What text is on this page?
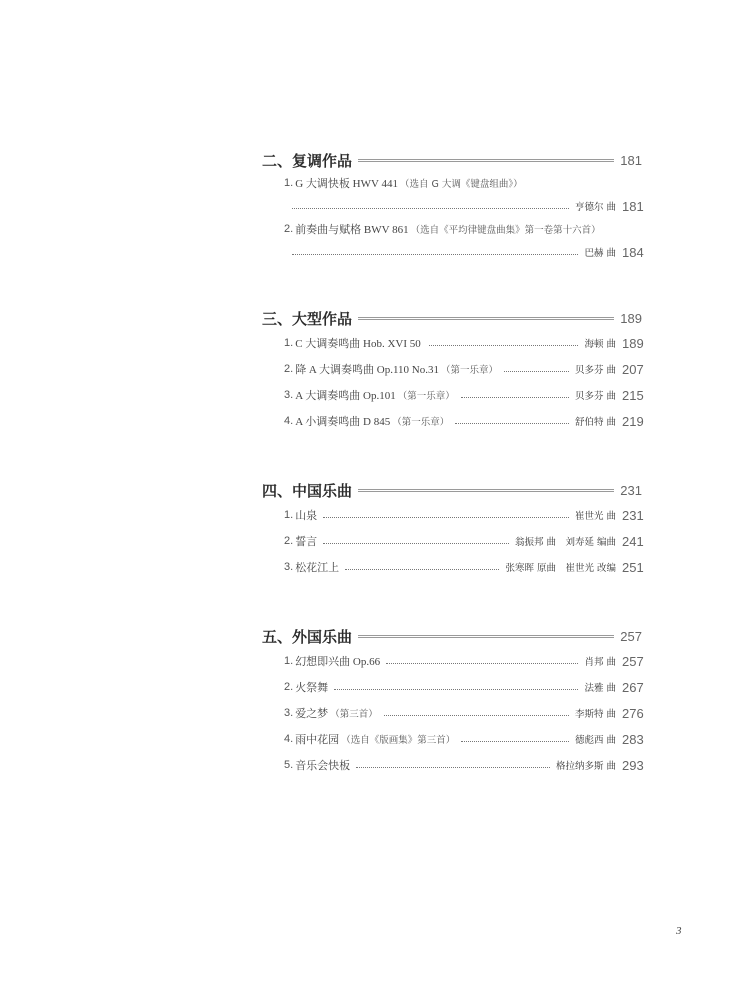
二、复调作品	181
1. G 大调快板 HWV 441 （选自 G 大调《键盘组曲》）
亨德尔 曲 181
2. 前奏曲与赋格 BWV 861 （选自《平均律键盘曲集》第一卷第十六首）
巴赫 曲 184
三、大型作品	189
1. C 大调奏鸣曲 Hob. XVI 50	海顿 曲 189
2. 降 A 大调奏鸣曲 Op.110 No.31 （第一乐章）	贝多芬 曲 207
3. A 大调奏鸣曲 Op.101 （第一乐章）	贝多芬 曲 215
4. A 小调奏鸣曲 D 845 （第一乐章）	舒伯特 曲 219
四、中国乐曲	231
1. 山泉	崔世光 曲 231
2. 誓言	翁振邦 曲　刘寿延 编曲 241
3. 松花江上	张寒晖 原曲　崔世光 改编 251
五、外国乐曲	257
1. 幻想即兴曲 Op.66	肖邦 曲 257
2. 火祭舞	法雅 曲 267
3. 爱之梦 （第三首）	李斯特 曲 276
4. 雨中花园 （选自《版画集》第三首）	德彪西 曲 283
5. 音乐会快板	格拉纳多斯 曲 293
3
